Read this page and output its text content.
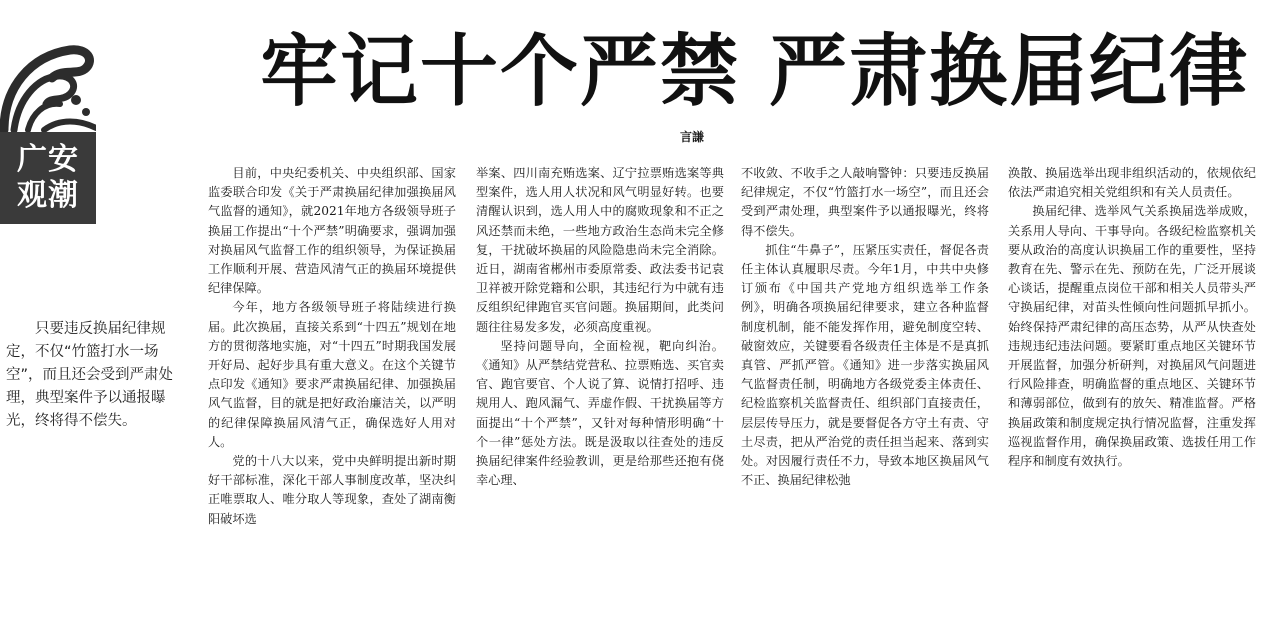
广安
观潮
牢记十个严禁 严肃换届纪律
言謙

只要违反换届纪律规定，不仅“竹篮打水一场空”，而且还会受到严肃处理，典型案件予以通报曝光，终将得不偿失。

目前，中央纪委机关、中央组织部、国家监委联合印发《关于严肃换届纪律加强换届风气监督的通知》，就2021年地方各级领导班子换届工作提出“十个严禁”明确要求，强调加强对换届风气监督工作的组织领导，为保证换届工作顺利开展、营造风清气正的换届环境提供纪律保障。

今年，地方各级领导班子将陆续进行换届。此次换届，直接关系到“十四五”规划在地方的贯彻落地实施，对“十四五”时期我国发展开好局、起好步具有重大意义。在这个关键节点印发《通知》要求严肃换届纪律、加强换届风气监督，目的就是把好政治廉洁关，以严明的纪律保障换届风清气正，确保选好人用对人。

党的十八大以来，党中央鲜明提出新时期好干部标准，深化干部人事制度改革，坚决纠正唯票取人、唯分取人等现象，查处了湖南衡阳破坏选

举案、四川南充贿选案、辽宁拉票贿选案等典型案件，选人用人状况和风气明显好转。也要清醒认识到，选人用人中的腐败现象和不正之风还禁而未绝，一些地方政治生态尚未完全修复，干扰破坏换届的风险隐患尚未完全消除。近日，湖南省郴州市委原常委、政法委书记袁卫祥被开除党籍和公职，其违纪行为中就有违反组织纪律跑官买官问题。换届期间，此类问题往往易发多发，必须高度重视。

坚持问题导向，全面检视，靶向纠治。《通知》从严禁结党营私、拉票贿选、买官卖官、跑官要官、个人说了算、说情打招呼、违规用人、跑风漏气、弄虚作假、干扰换届等方面提出“十个严禁”，又针对每种情形明确“十个一律”惩处方法。既是汲取以往查处的违反换届纪律案件经验教训，更是给那些还抱有侥幸心理、

不收敛、不收手之人敲响警钟：只要违反换届纪律规定，不仅“竹篮打水一场空”，而且还会受到严肃处理，典型案件予以通报曝光，终将得不偿失。

抓住“牛鼻子”，压紧压实责任，督促各责任主体认真履职尽责。今年1月，中共中央修订颁布《中国共产党地方组织选举工作条例》，明确各项换届纪律要求，建立各种监督制度机制，能不能发挥作用，避免制度空转、破窗效应，关键要看各级责任主体是不是真抓真管、严抓严管。《通知》进一步落实换届风气监督责任制，明确地方各级党委主体责任、纪检监察机关监督责任、组织部门直接责任，层层传导压力，就是要督促各方守土有责、守土尽责，把从严治党的责任担当起来、落到实处。对因履行责任不力，导致本地区换届风气不正、换届纪律松弛

涣散、换届选举出现非组织活动的，依规依纪依法严肃追究相关党组织和有关人员责任。

换届纪律、选举风气关系换届选举成败，关系用人导向、干事导向。各级纪检监察机关要从政治的高度认识换届工作的重要性，坚持教育在先、警示在先、预防在先，广泛开展谈心谈话，提醒重点岗位干部和相关人员带头严守换届纪律，对苗头性倾向性问题抓早抓小。始终保持严肃纪律的高压态势，从严从快查处违规违纪违法问题。要紧盯重点地区关键环节开展监督，加强分析研判，对换届风气问题进行风险排查，明确监督的重点地区、关键环节和薄弱部位，做到有的放矢、精准监督。严格换届政策和制度规定执行情况监督，注重发挥巡视监督作用，确保换届政策、选拔任用工作程序和制度有效执行。
